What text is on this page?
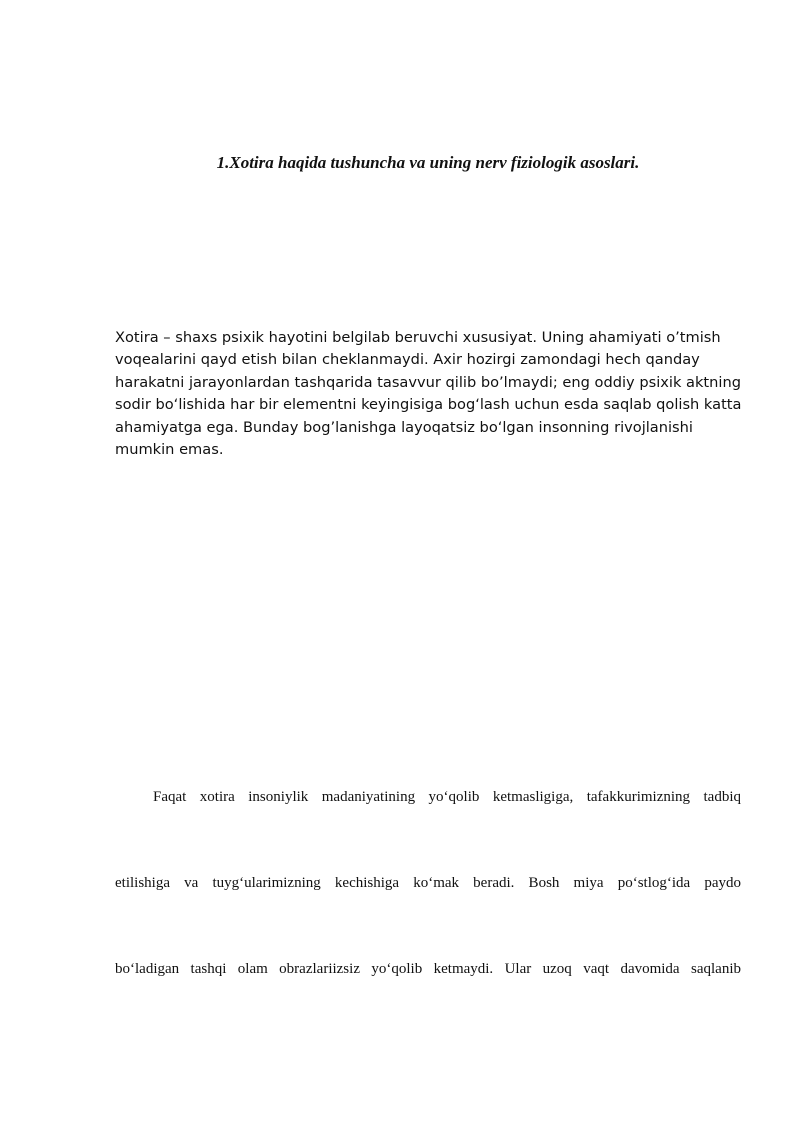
1.Xotira haqida tushuncha va uning nerv fiziologik asoslari.

Xotira – shaxs psixik hayotini belgilab beruvchi xususiyat. Uning ahamiyati o’tmish voqealarini qayd etish bilan cheklanmaydi. Axir hozirgi zamondagi hech qanday harakatni jarayonlardan tashqarida tasavvur qilib bo’lmaydi; eng oddiy psixik aktning sodir bo‘lishida har bir elementni keyingisiga bog‘lash uchun esda saqlab qolish katta ahamiyatga ega. Bunday bog’lanishga layoqatsiz bo‘lgan insonning rivojlanishi mumkin emas.

Faqat xotira insoniylik madaniyatining yo‘qolib ketmasligiga, tafakkurimizning tadbiq

etilishiga va tuyg‘ularimizning kechishiga ko‘mak beradi. Bosh miya po‘stlog‘ida paydo

bo‘ladigan tashqi olam obrazlariizsiz yo‘qolib ketmaydi. Ular uzoq vaqt davomida saqlanib
